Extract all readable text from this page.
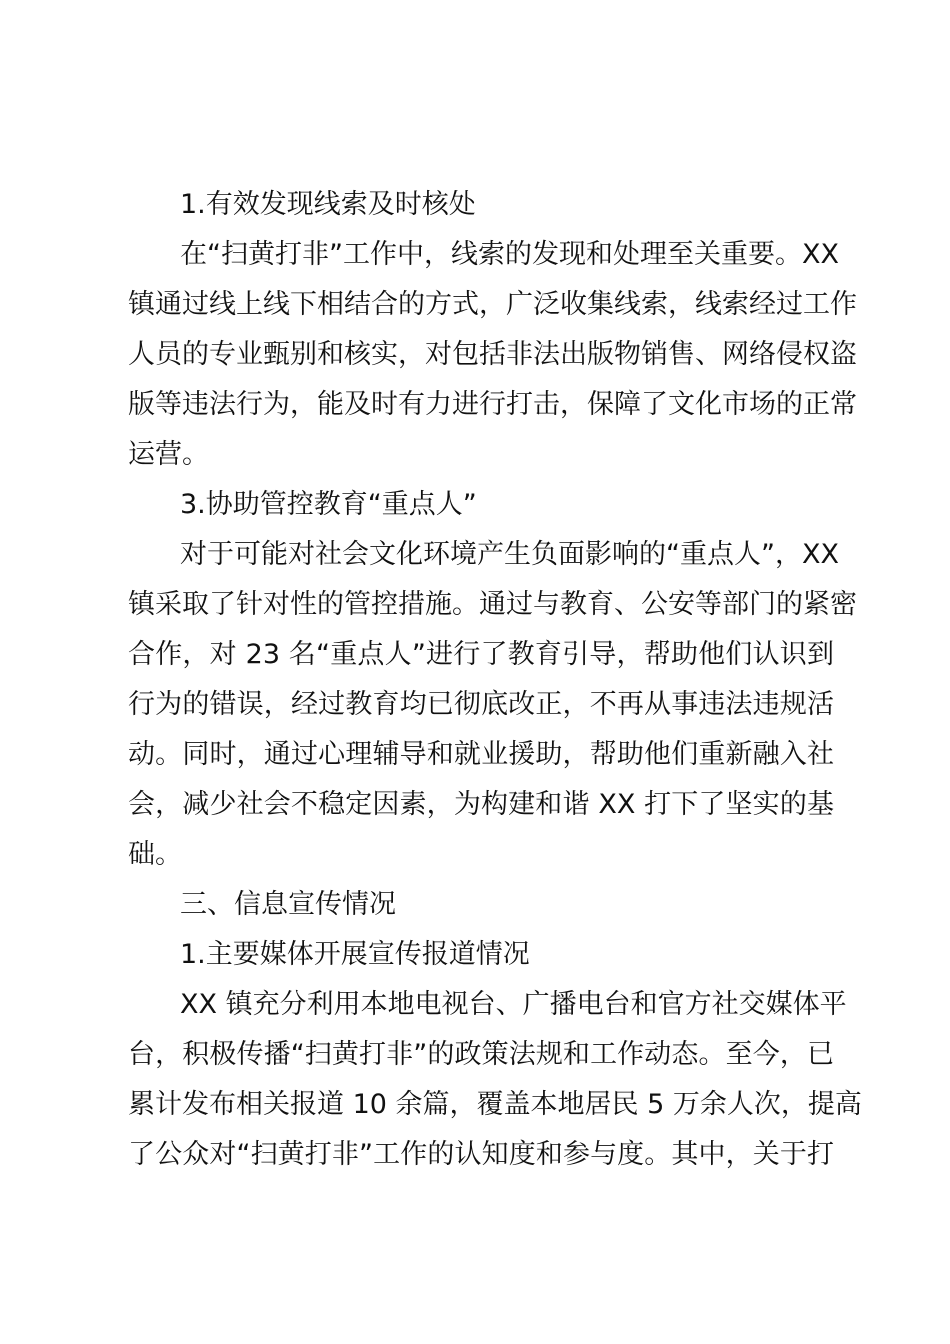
1.有效发现线索及时核处
在“扫黄打非”工作中，线索的发现和处理至关重要。XX
镇通过线上线下相结合的方式，广泛收集线索，线索经过工作
人员的专业甄别和核实，对包括非法出版物销售、网络侵权盗
版等违法行为，能及时有力进行打击，保障了文化市场的正常
运营。
3.协助管控教育“重点人”
对于可能对社会文化环境产生负面影响的“重点人”，XX
镇采取了针对性的管控措施。通过与教育、公安等部门的紧密
合作，对 23 名“重点人”进行了教育引导，帮助他们认识到
行为的错误，经过教育均已彻底改正，不再从事违法违规活
动。同时，通过心理辅导和就业援助，帮助他们重新融入社
会，减少社会不稳定因素，为构建和谐 XX 打下了坚实的基
础。
三、信息宣传情况
1.主要媒体开展宣传报道情况
XX 镇充分利用本地电视台、广播电台和官方社交媒体平
台，积极传播“扫黄打非”的政策法规和工作动态。至今，已
累计发布相关报道 10 余篇，覆盖本地居民 5 万余人次，提高
了公众对“扫黄打非”工作的认知度和参与度。其中，关于打
